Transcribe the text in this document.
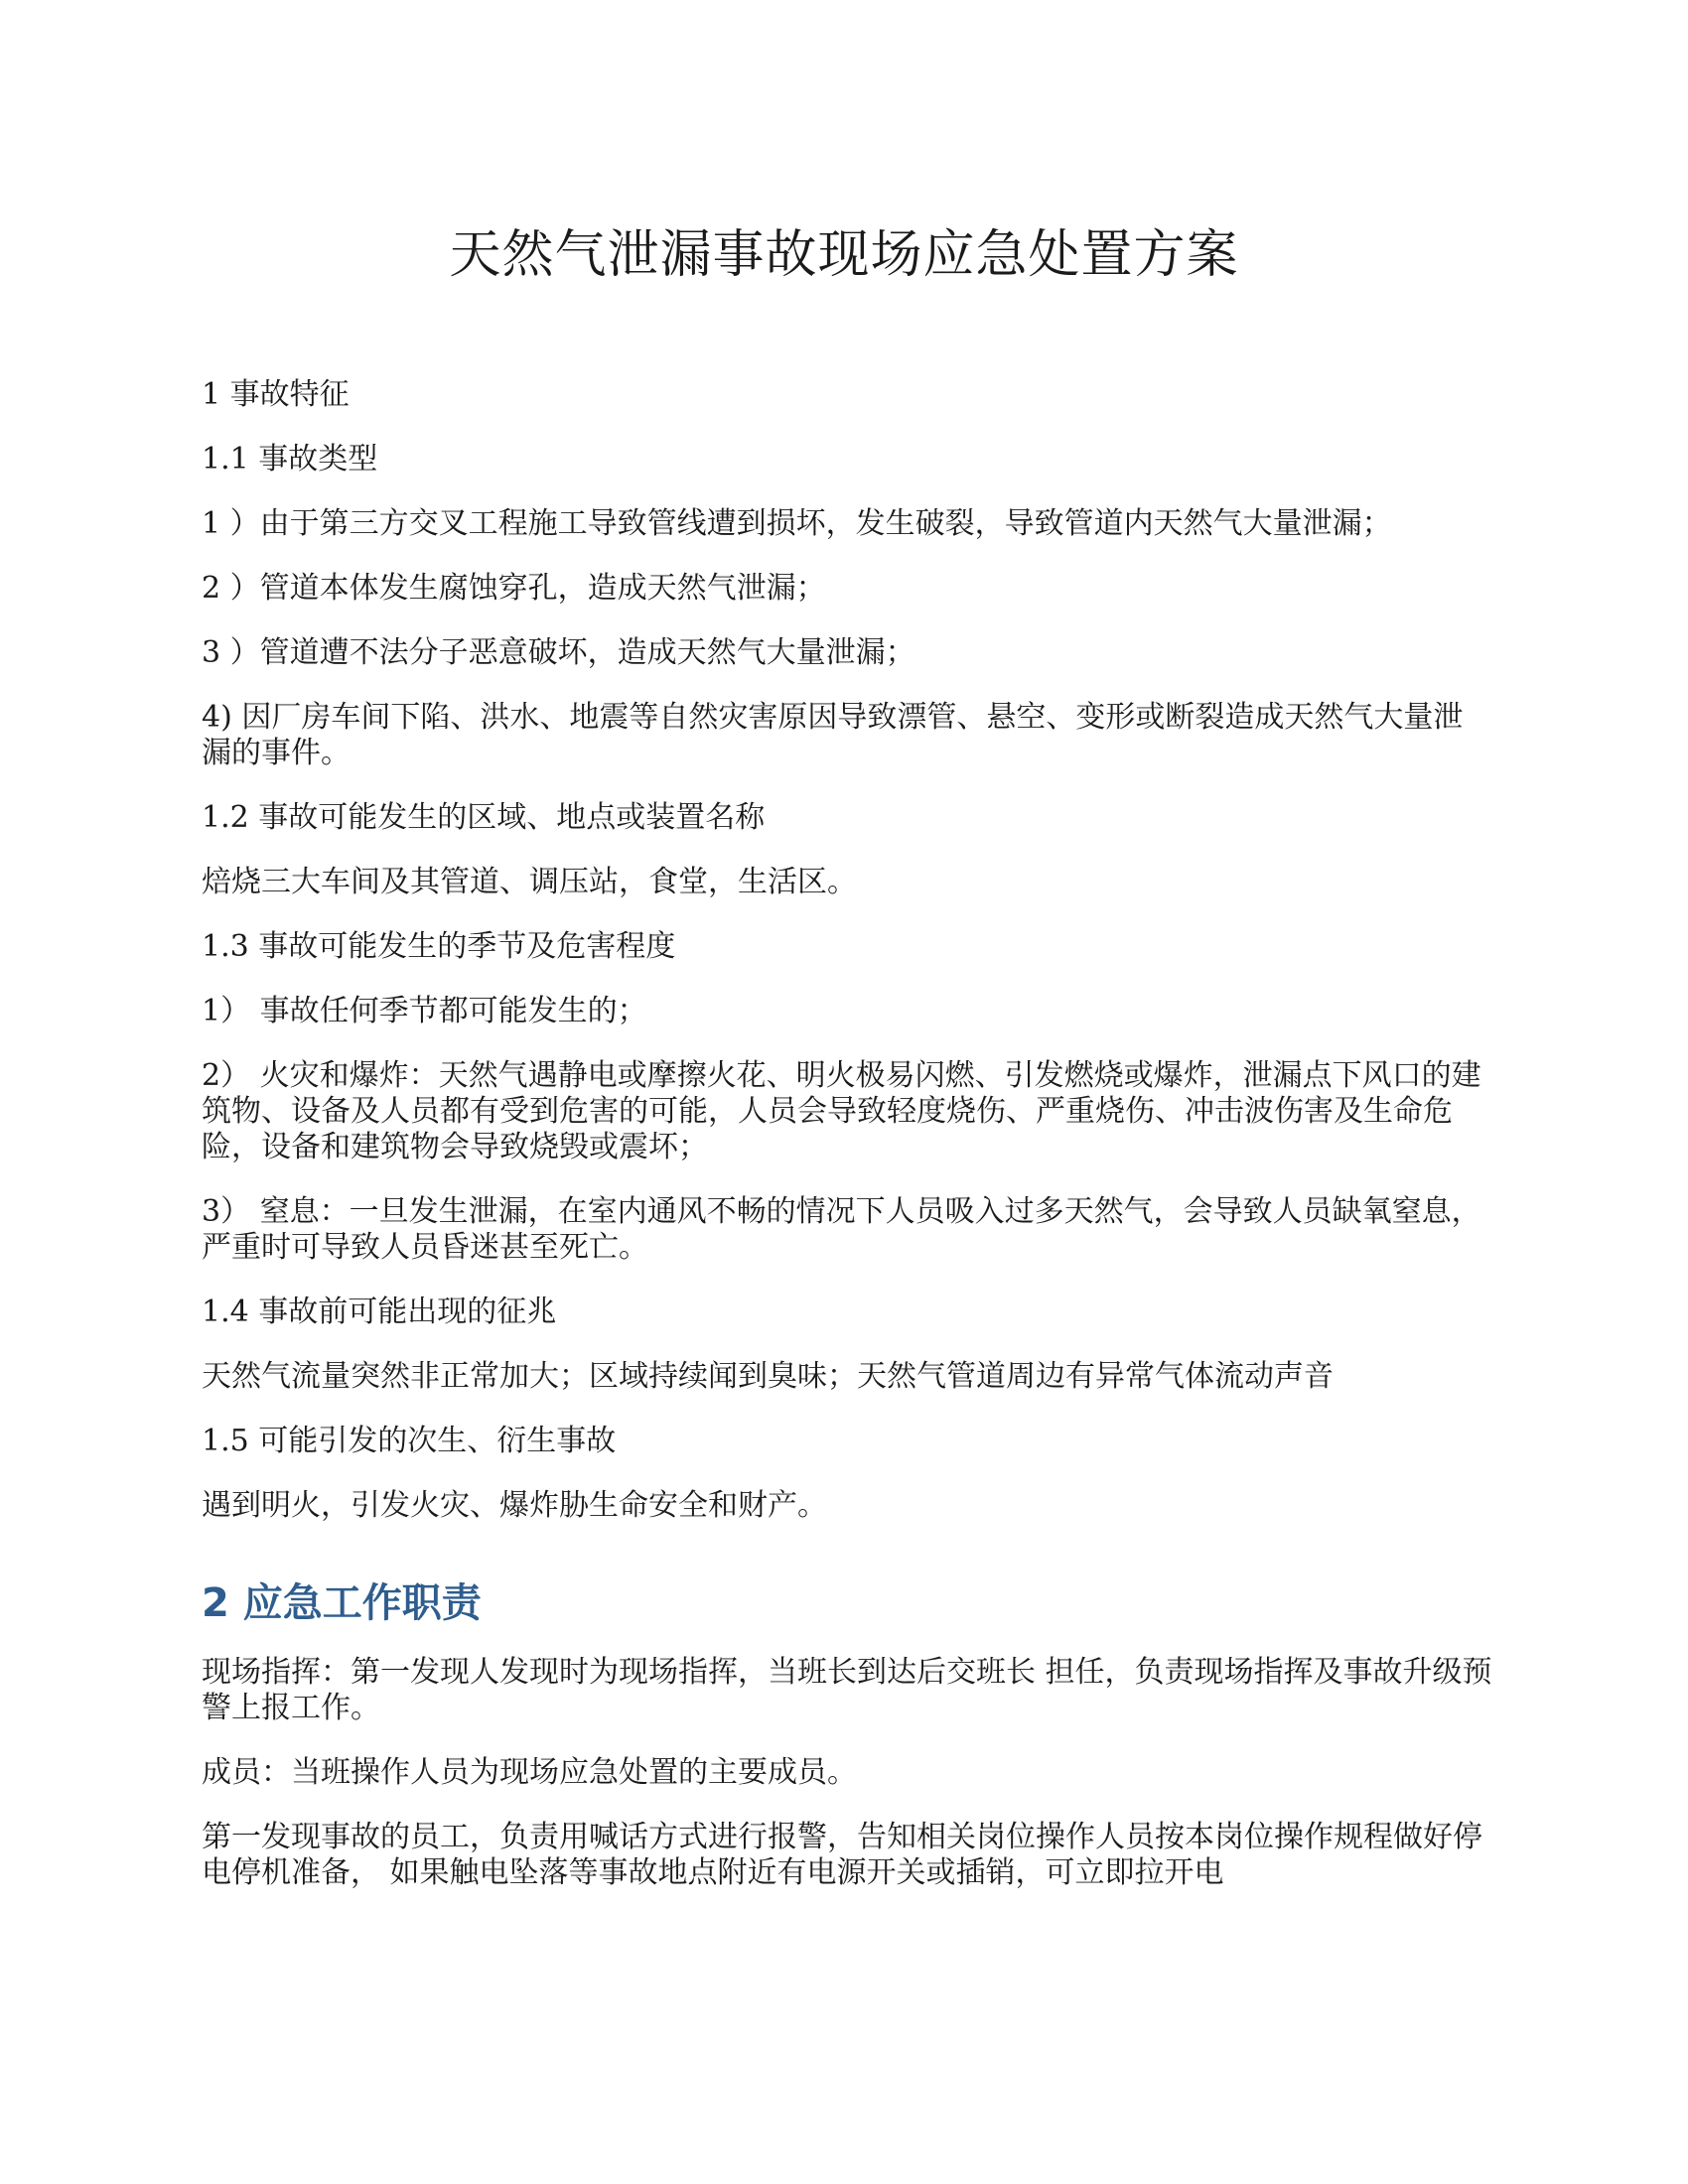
天然气泄漏事故现场应急处置方案

1 事故特征

1.1 事故类型

1 ）由于第三方交叉工程施工导致管线遭到损坏，发生破裂，导致管道内天然气大量泄漏；

2 ）管道本体发生腐蚀穿孔，造成天然气泄漏；

3 ）管道遭不法分子恶意破坏，造成天然气大量泄漏；

4) 因厂房车间下陷、洪水、地震等自然灾害原因导致漂管、悬空、变形或断裂造成天然气大量泄漏的事件。

1.2 事故可能发生的区域、地点或装置名称

焙烧三大车间及其管道、调压站，食堂，生活区。

1.3 事故可能发生的季节及危害程度

1） 事故任何季节都可能发生的；

2） 火灾和爆炸：天然气遇静电或摩擦火花、明火极易闪燃、引发燃烧或爆炸，泄漏点下风口的建筑物、设备及人员都有受到危害的可能，人员会导致轻度烧伤、严重烧伤、冲击波伤害及生命危险，设备和建筑物会导致烧毁或震坏；

3） 窒息：一旦发生泄漏，在室内通风不畅的情况下人员吸入过多天然气，会导致人员缺氧窒息，严重时可导致人员昏迷甚至死亡。

1.4 事故前可能出现的征兆

天然气流量突然非正常加大；区域持续闻到臭味；天然气管道周边有异常气体流动声音

1.5 可能引发的次生、衍生事故

遇到明火，引发火灾、爆炸胁生命安全和财产。

2 应急工作职责

现场指挥：第一发现人发现时为现场指挥，当班长到达后交班长 担任，负责现场指挥及事故升级预警上报工作。

成员：当班操作人员为现场应急处置的主要成员。

第一发现事故的员工，负责用喊话方式进行报警，告知相关岗位操作人员按本岗位操作规程做好停电停机准备， 如果触电坠落等事故地点附近有电源开关或插销，可立即拉开电
